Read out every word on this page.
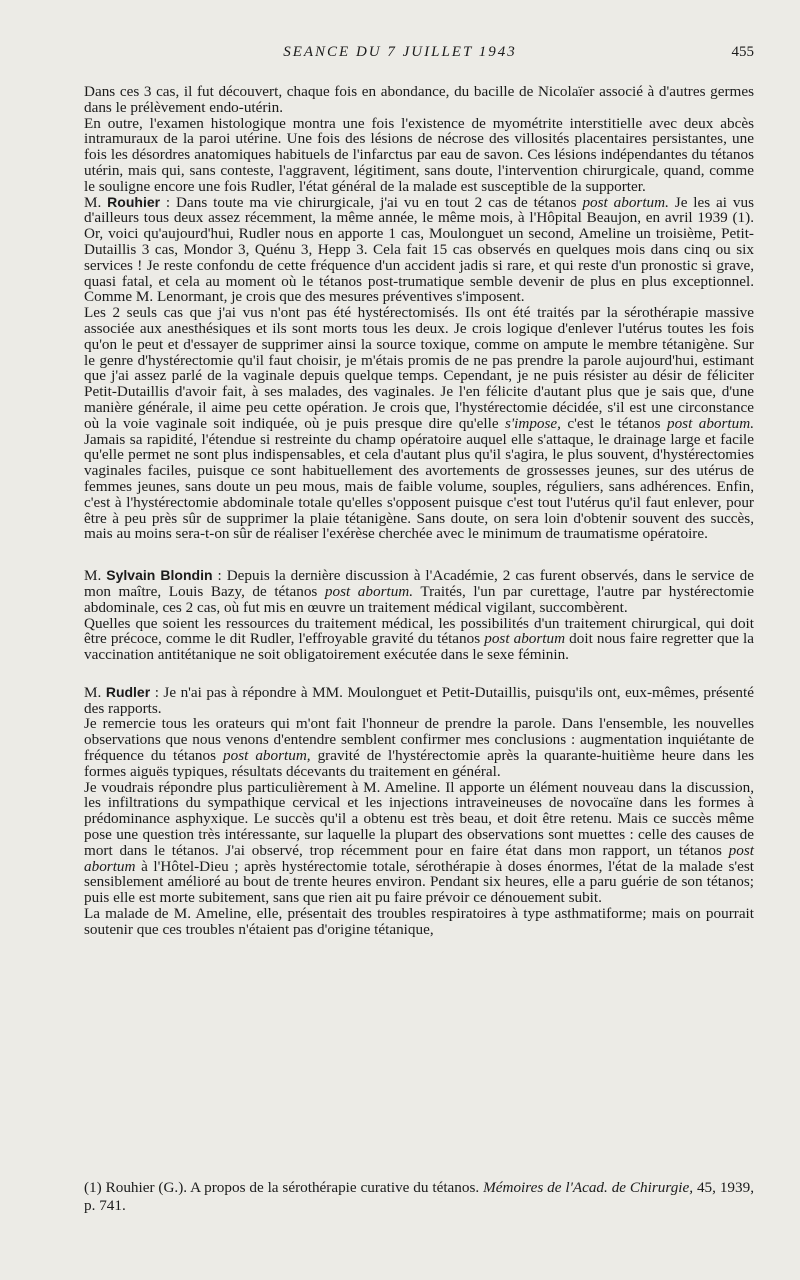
SEANCE DU 7 JUILLET 1943	455

Dans ces 3 cas, il fut découvert, chaque fois en abondance, du bacille de Nicolaïer associé à d'autres germes dans le prélèvement endo-utérin.

En outre, l'examen histologique montra une fois l'existence de myométrite interstitielle avec deux abcès intramuraux de la paroi utérine. Une fois des lésions de nécrose des villosités placentaires persistantes, une fois les désordres anatomiques habituels de l'infarctus par eau de savon. Ces lésions indépendantes du tétanos utérin, mais qui, sans conteste, l'aggravent, légitiment, sans doute, l'intervention chirurgicale, quand, comme le souligne encore une fois Rudler, l'état général de la malade est susceptible de la supporter.

M. Rouhier : Dans toute ma vie chirurgicale, j'ai vu en tout 2 cas de tétanos post abortum. Je les ai vus d'ailleurs tous deux assez récemment, la même année, le même mois, à l'Hôpital Beaujon, en avril 1939 (1). Or, voici qu'aujourd'hui, Rudler nous en apporte 1 cas, Moulonguet un second, Ameline un troisième, Petit-Dutaillis 3 cas, Mondor 3, Quénu 3, Hepp 3. Cela fait 15 cas observés en quelques mois dans cinq ou six services ! Je reste confondu de cette fréquence d'un accident jadis si rare, et qui reste d'un pronostic si grave, quasi fatal, et cela au moment où le tétanos post-trumatique semble devenir de plus en plus exceptionnel. Comme M. Lenormant, je crois que des mesures préventives s'imposent.

Les 2 seuls cas que j'ai vus n'ont pas été hystérectomisés. Ils ont été traités par la sérothérapie massive associée aux anesthésiques et ils sont morts tous les deux. Je crois logique d'enlever l'utérus toutes les fois qu'on le peut et d'essayer de supprimer ainsi la source toxique, comme on ampute le membre tétanigène. Sur le genre d'hystérectomie qu'il faut choisir, je m'étais promis de ne pas prendre la parole aujourd'hui, estimant que j'ai assez parlé de la vaginale depuis quelque temps. Cependant, je ne puis résister au désir de féliciter Petit-Dutaillis d'avoir fait, à ses malades, des vaginales. Je l'en félicite d'autant plus que je sais que, d'une manière générale, il aime peu cette opération. Je crois que, l'hystérectomie décidée, s'il est une circonstance où la voie vaginale soit indiquée, où je puis presque dire qu'elle s'impose, c'est le tétanos post abortum. Jamais sa rapidité, l'étendue si restreinte du champ opératoire auquel elle s'attaque, le drainage large et facile qu'elle permet ne sont plus indispensables, et cela d'autant plus qu'il s'agira, le plus souvent, d'hystérectomies vaginales faciles, puisque ce sont habituellement des avortements de grossesses jeunes, sur des utérus de femmes jeunes, sans doute un peu mous, mais de faible volume, souples, réguliers, sans adhérences. Enfin, c'est à l'hystérectomie abdominale totale qu'elles s'opposent puisque c'est tout l'utérus qu'il faut enlever, pour être à peu près sûr de supprimer la plaie tétanigène. Sans doute, on sera loin d'obtenir souvent des succès, mais au moins sera-t-on sûr de réaliser l'exérèse cherchée avec le minimum de traumatisme opératoire.

M. Sylvain Blondin : Depuis la dernière discussion à l'Académie, 2 cas furent observés, dans le service de mon maître, Louis Bazy, de tétanos post abortum. Traités, l'un par curettage, l'autre par hystérectomie abdominale, ces 2 cas, où fut mis en œuvre un traitement médical vigilant, succombèrent.

Quelles que soient les ressources du traitement médical, les possibilités d'un traitement chirurgical, qui doit être précoce, comme le dit Rudler, l'effroyable gravité du tétanos post abortum doit nous faire regretter que la vaccination antitétanique ne soit obligatoirement exécutée dans le sexe féminin.

M. Rudler : Je n'ai pas à répondre à MM. Moulonguet et Petit-Dutaillis, puisqu'ils ont, eux-mêmes, présenté des rapports.

Je remercie tous les orateurs qui m'ont fait l'honneur de prendre la parole. Dans l'ensemble, les nouvelles observations que nous venons d'entendre semblent confirmer mes conclusions : augmentation inquiétante de fréquence du tétanos post abortum, gravité de l'hystérectomie après la quarante-huitième heure dans les formes aiguës typiques, résultats décevants du traitement en général.

Je voudrais répondre plus particulièrement à M. Ameline. Il apporte un élément nouveau dans la discussion, les infiltrations du sympathique cervical et les injections intraveineuses de novocaïne dans les formes à prédominance asphyxique. Le succès qu'il a obtenu est très beau, et doit être retenu. Mais ce succès même pose une question très intéressante, sur laquelle la plupart des observations sont muettes : celle des causes de mort dans le tétanos. J'ai observé, trop récemment pour en faire état dans mon rapport, un tétanos post abortum à l'Hôtel-Dieu ; après hystérectomie totale, sérothérapie à doses énormes, l'état de la malade s'est sensiblement amélioré au bout de trente heures environ. Pendant six heures, elle a paru guérie de son tétanos; puis elle est morte subitement, sans que rien ait pu faire prévoir ce dénouement subit.

La malade de M. Ameline, elle, présentait des troubles respiratoires à type asthmatiforme; mais on pourrait soutenir que ces troubles n'étaient pas d'origine tétanique,

(1) Rouhier (G.). A propos de la sérothérapie curative du tétanos. Mémoires de l'Acad. de Chirurgie, 45, 1939, p. 741.
